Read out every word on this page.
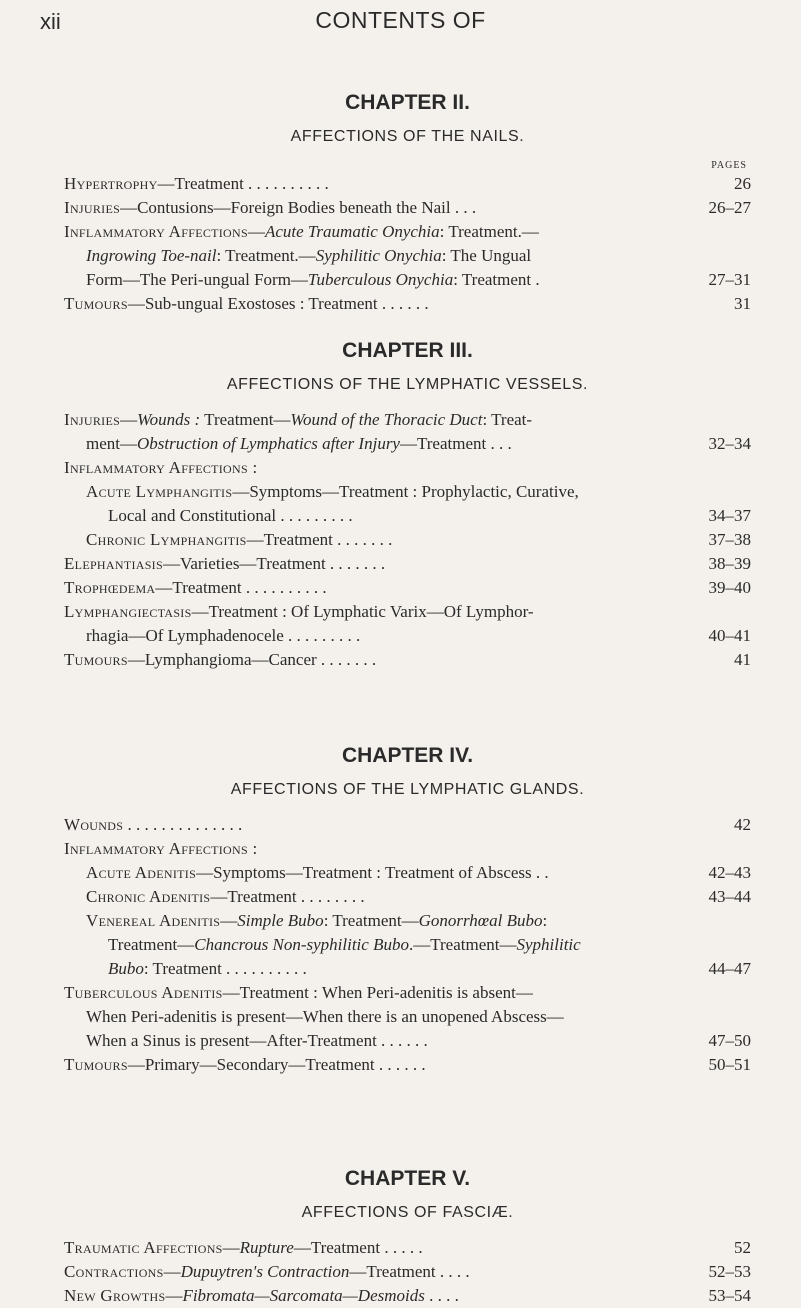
xii	CONTENTS OF
CHAPTER II.
AFFECTIONS OF THE NAILS.
PAGES
Hypertrophy—Treatment . . . . . . . . . .	26
Injuries—Contusions—Foreign Bodies beneath the Nail . . .	26–27
Inflammatory Affections—Acute Traumatic Onychia: Treatment.—
Ingrowing Toe-nail: Treatment.—Syphilitic Onychia: The Ungual
Form—The Peri-ungual Form—Tuberculous Onychia: Treatment .	27–31
Tumours—Sub-ungual Exostoses : Treatment . . . . . .	31
CHAPTER III.
AFFECTIONS OF THE LYMPHATIC VESSELS.
Injuries—Wounds : Treatment—Wound of the Thoracic Duct: Treat-
ment—Obstruction of Lymphatics after Injury—Treatment . . .	32–34
Inflammatory Affections :
Acute Lymphangitis—Symptoms—Treatment : Prophylactic, Curative,
Local and Constitutional . . . . . . . . .	34–37
Chronic Lymphangitis—Treatment . . . . . . .	37–38
Elephantiasis—Varieties—Treatment . . . . . . .	38–39
Trophœdema—Treatment . . . . . . . . . .	39–40
Lymphangiectasis—Treatment : Of Lymphatic Varix—Of Lymphor-
rhagia—Of Lymphadenocele . . . . . . . . .	40–41
Tumours—Lymphangioma—Cancer . . . . . . .	41
CHAPTER IV.
AFFECTIONS OF THE LYMPHATIC GLANDS.
Wounds . . . . . . . . . . . . . .	42
Inflammatory Affections :
Acute Adenitis—Symptoms—Treatment : Treatment of Abscess . .	42–43
Chronic Adenitis—Treatment . . . . . . . .	43–44
Venereal Adenitis—Simple Bubo: Treatment—Gonorrhœal Bubo:
Treatment—Chancrous Non-syphilitic Bubo.—Treatment—Syphilitic
Bubo: Treatment . . . . . . . . . .	44–47
Tuberculous Adenitis—Treatment : When Peri-adenitis is absent—
When Peri-adenitis is present—When there is an unopened Abscess—
When a Sinus is present—After-Treatment . . . . . .	47–50
Tumours—Primary—Secondary—Treatment . . . . . .	50–51
CHAPTER V.
AFFECTIONS OF FASCIÆ.
Traumatic Affections—Rupture—Treatment . . . . .	52
Contractions—Dupuytren's Contraction—Treatment . . . .	52–53
New Growths—Fibromata—Sarcomata—Desmoids . . . .	53–54
